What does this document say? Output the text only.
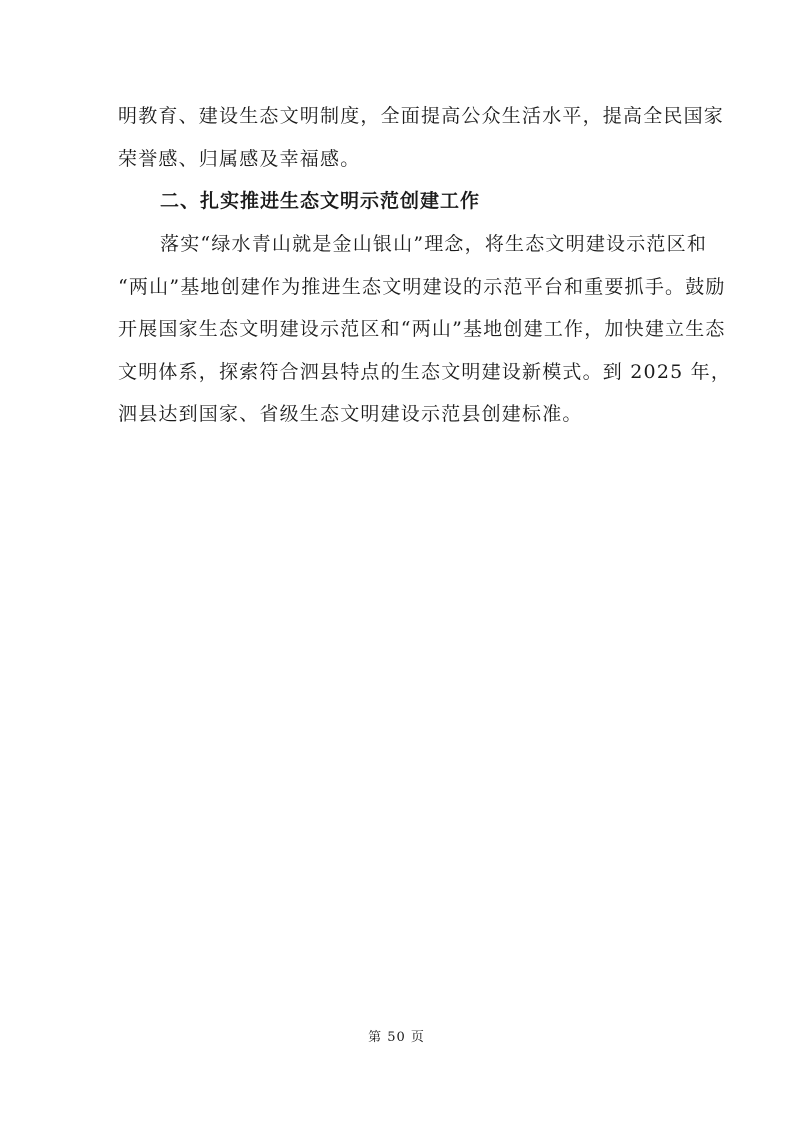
明教育、建设生态文明制度，全面提高公众生活水平，提高全民国家
荣誉感、归属感及幸福感。
二、扎实推进生态文明示范创建工作
落实“绿水青山就是金山银山”理念，将生态文明建设示范区和
“两山”基地创建作为推进生态文明建设的示范平台和重要抓手。鼓励
开展国家生态文明建设示范区和“两山”基地创建工作，加快建立生态
文明体系，探索符合泗县特点的生态文明建设新模式。到 2025 年，
泗县达到国家、省级生态文明建设示范县创建标准。
第 50 页
